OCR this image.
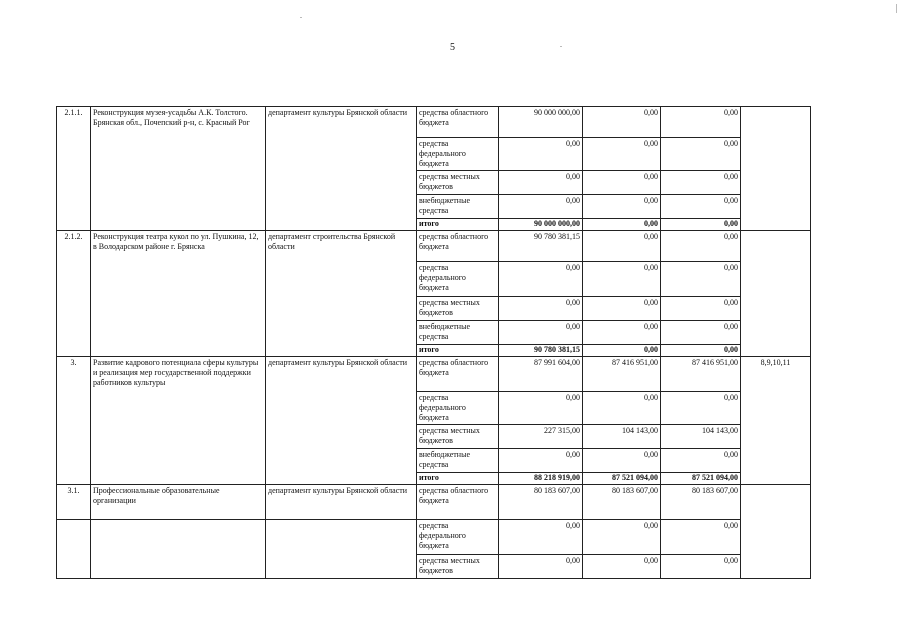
5
2.1.1.	Реконструкция музея-усадьбы А.К. Толстого. Брянская обл., Почепский р-н, с. Красный Рог	департамент культуры Брянской области	средства областного бюджета	90 000 000,00	0,00	0,00	
			средства федерального бюджета	0,00	0,00	0,00	
			средства местных бюджетов	0,00	0,00	0,00	
			внебюджетные средства	0,00	0,00	0,00	
			итого	90 000 000,00	0,00	0,00	
2.1.2.	Реконструкция театра кукол по ул. Пушкина, 12, в Володарском районе г. Брянска	департамент строительства Брянской области	средства областного бюджета	90 780 381,15	0,00	0,00	
			средства федерального бюджета	0,00	0,00	0,00	
			средства местных бюджетов	0,00	0,00	0,00	
			внебюджетные средства	0,00	0,00	0,00	
			итого	90 780 381,15	0,00	0,00	
3.	Развитие кадрового потенциала сферы культуры и реализация мер государственной поддержки работников культуры	департамент культуры Брянской области	средства областного бюджета	87 991 604,00	87 416 951,00	87 416 951,00	8,9,10,11
			средства федерального бюджета	0,00	0,00	0,00	
			средства местных бюджетов	227 315,00	104 143,00	104 143,00	
			внебюджетные средства	0,00	0,00	0,00	
			итого	88 218 919,00	87 521 094,00	87 521 094,00	
3.1.	Профессиональные образовательные организации	департамент культуры Брянской области	средства областного бюджета	80 183 607,00	80 183 607,00	80 183 607,00	
			средства федерального бюджета	0,00	0,00	0,00	
			средства местных бюджетов	0,00	0,00	0,00	
